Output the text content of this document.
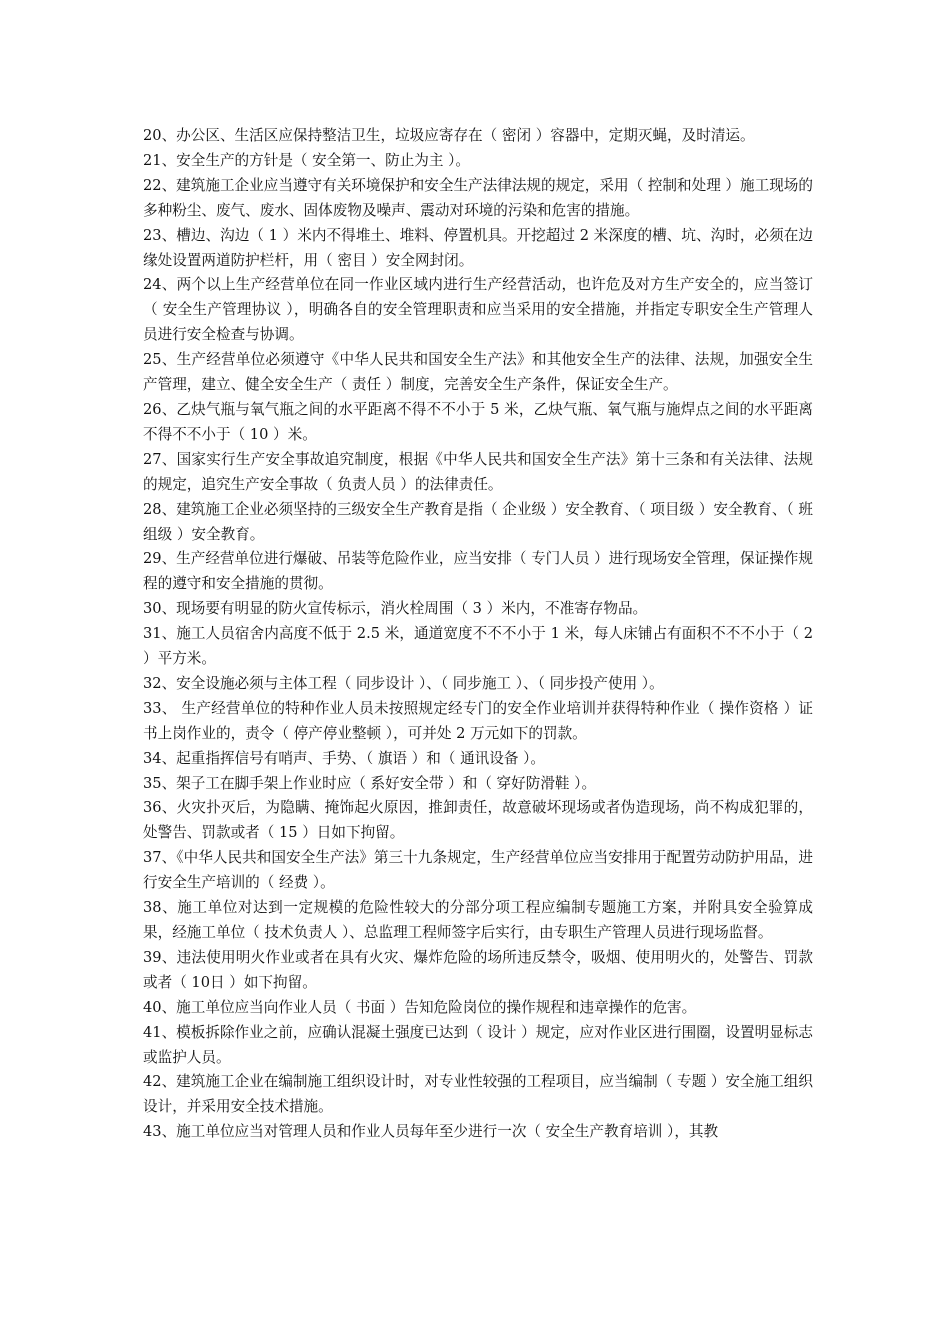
20、办公区、生活区应保持整洁卫生，垃圾应寄存在（ 密闭 ）容器中，定期灭蝇，及时清运。

21、安全生产的方针是（ 安全第一、防止为主 ）。

22、建筑施工企业应当遵守有关环境保护和安全生产法律法规的规定，采用（ 控制和处理 ）施工现场的多种粉尘、废气、废水、固体废物及噪声、震动对环境的污染和危害的措施。

23、槽边、沟边（ 1 ）米内不得堆土、堆料、停置机具。开挖超过 2 米深度的槽、坑、沟时，必须在边缘处设置两道防护栏杆，用（ 密目 ）安全网封闭。

24、两个以上生产经营单位在同一作业区域内进行生产经营活动，也许危及对方生产安全的，应当签订（ 安全生产管理协议 ），明确各自的安全管理职责和应当采用的安全措施，并指定专职安全生产管理人员进行安全检查与协调。

25、生产经营单位必须遵守《中华人民共和国安全生产法》和其他安全生产的法律、法规，加强安全生产管理，建立、健全安全生产（ 责任 ）制度，完善安全生产条件，保证安全生产。

26、乙炔气瓶与氧气瓶之间的水平距离不得不不小于 5 米，乙炔气瓶、氧气瓶与施焊点之间的水平距离不得不不小于（ 10 ）米。

27、国家实行生产安全事故追究制度，根据《中华人民共和国安全生产法》第十三条和有关法律、法规的规定，追究生产安全事故（ 负责人员 ）的法律责任。

28、建筑施工企业必须坚持的三级安全生产教育是指（ 企业级 ）安全教育、（ 项目级 ）安全教育、（ 班组级 ）安全教育。

29、生产经营单位进行爆破、吊装等危险作业，应当安排（ 专门人员 ）进行现场安全管理，保证操作规程的遵守和安全措施的贯彻。

30、现场要有明显的防火宣传标示，消火栓周围（ 3 ）米内，不准寄存物品。

31、施工人员宿舍内高度不低于 2.5 米，通道宽度不不不小于 1 米，每人床铺占有面积不不不小于（ 2 ）平方米。

32、安全设施必须与主体工程（ 同步设计 ）、（ 同步施工 ）、（ 同步投产使用 ）。

33、 生产经营单位的特种作业人员未按照规定经专门的安全作业培训并获得特种作业（ 操作资格 ）证书上岗作业的，责令（ 停产停业整顿 ），可并处 2 万元如下的罚款。

34、起重指挥信号有哨声、手势、（ 旗语 ）和（ 通讯设备 ）。

35、架子工在脚手架上作业时应（ 系好安全带 ）和（ 穿好防滑鞋 ）。

36、火灾扑灭后，为隐瞒、掩饰起火原因，推卸责任，故意破坏现场或者伪造现场，尚不构成犯罪的，处警告、罚款或者（ 15 ）日如下拘留。

37、《中华人民共和国安全生产法》第三十九条规定，生产经营单位应当安排用于配置劳动防护用品，进行安全生产培训的（ 经费 ）。

38、施工单位对达到一定规模的危险性较大的分部分项工程应编制专题施工方案，并附具安全验算成果，经施工单位（ 技术负责人 ）、总监理工程师签字后实行，由专职生产管理人员进行现场监督。

39、违法使用明火作业或者在具有火灾、爆炸危险的场所违反禁令，吸烟、使用明火的，处警告、罚款或者（ 10日 ）如下拘留。

40、施工单位应当向作业人员（ 书面 ）告知危险岗位的操作规程和违章操作的危害。

41、模板拆除作业之前，应确认混凝土强度已达到（ 设计 ）规定，应对作业区进行围圈，设置明显标志或监护人员。

42、建筑施工企业在编制施工组织设计时，对专业性较强的工程项目，应当编制（ 专题 ）安全施工组织设计，并采用安全技术措施。

43、施工单位应当对管理人员和作业人员每年至少进行一次（ 安全生产教育培训 ），其教
